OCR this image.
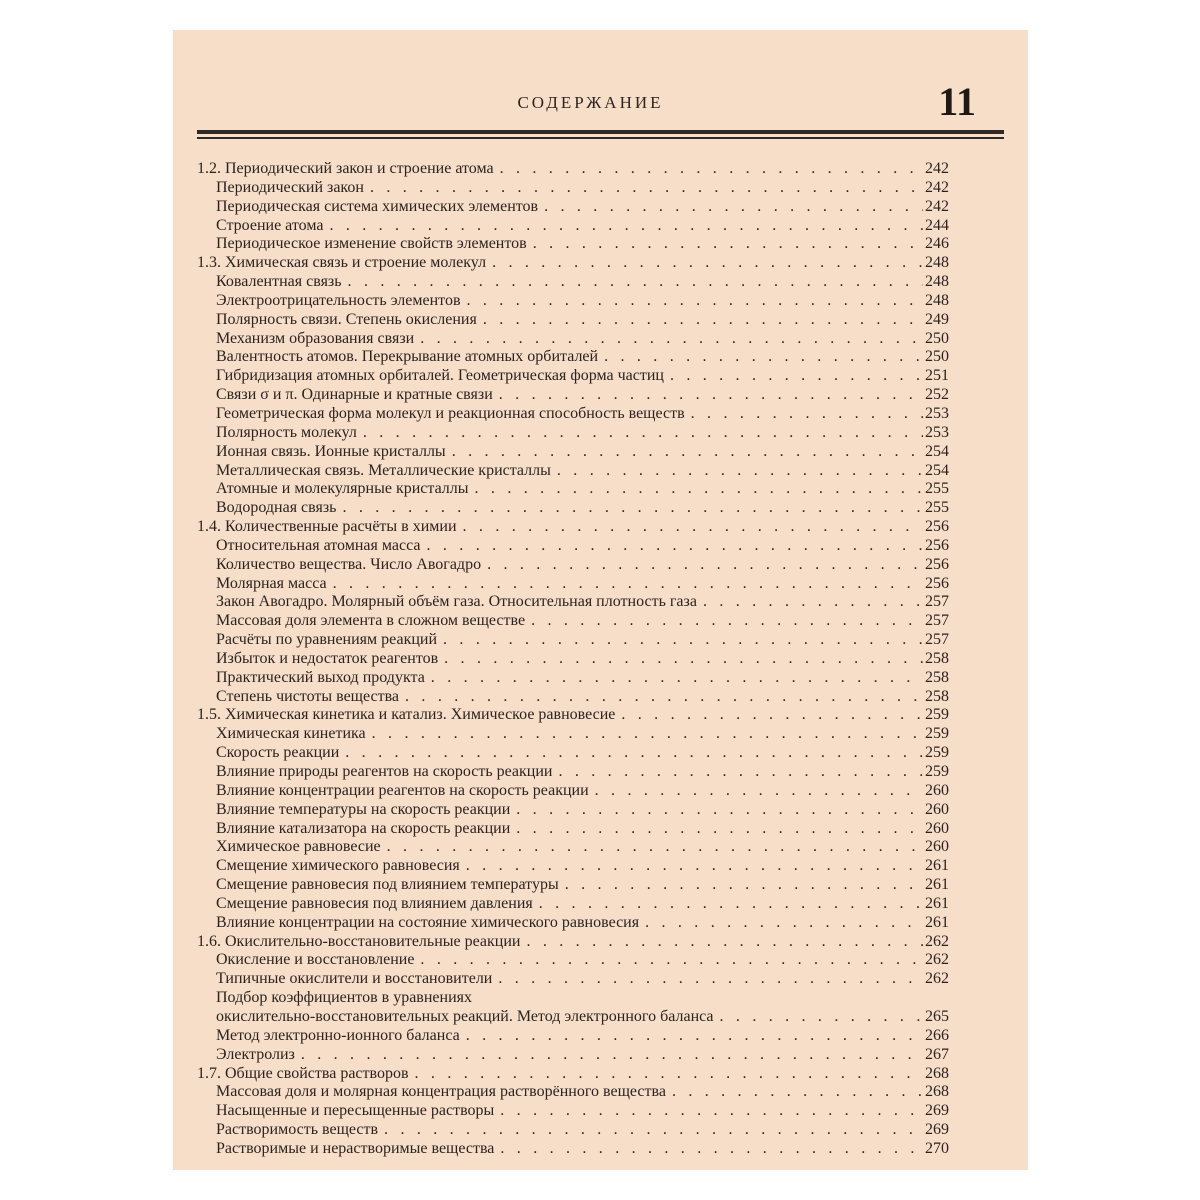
СОДЕРЖАНИЕ	11
1.2. Периодический закон и строение атома . . .	242
Периодический закон . . .	242
Периодическая система химических элементов . . .	242
Строение атома . . .	244
Периодическое изменение свойств элементов . . .	246
1.3. Химическая связь и строение молекул . . .	248
Ковалентная связь . . .	248
Электроотрицательность элементов . . .	248
Полярность связи. Степень окисления . . .	249
Механизм образования связи . . .	250
Валентность атомов. Перекрывание атомных орбиталей . . .	250
Гибридизация атомных орбиталей. Геометрическая форма частиц . . .	251
Связи σ и π. Одинарные и кратные связи . . .	252
Геометрическая форма молекул и реакционная способность веществ . . .	253
Полярность молекул . . .	253
Ионная связь. Ионные кристаллы . . .	254
Металлическая связь. Металлические кристаллы . . .	254
Атомные и молекулярные кристаллы . . .	255
Водородная связь . . .	255
1.4. Количественные расчёты в химии . . .	256
Относительная атомная масса . . .	256
Количество вещества. Число Авогадро . . .	256
Молярная масса . . .	256
Закон Авогадро. Молярный объём газа. Относительная плотность газа . . .	257
Массовая доля элемента в сложном веществе . . .	257
Расчёты по уравнениям реакций . . .	257
Избыток и недостаток реагентов . . .	258
Практический выход продукта . . .	258
Степень чистоты вещества . . .	258
1.5. Химическая кинетика и катализ. Химическое равновесие . . .	259
Химическая кинетика . . .	259
Скорость реакции . . .	259
Влияние природы реагентов на скорость реакции . . .	259
Влияние концентрации реагентов на скорость реакции . . .	260
Влияние температуры на скорость реакции . . .	260
Влияние катализатора на скорость реакции . . .	260
Химическое равновесие . . .	260
Смещение химического равновесия . . .	261
Смещение равновесия под влиянием температуры . . .	261
Смещение равновесия под влиянием давления . . .	261
Влияние концентрации на состояние химического равновесия . . .	261
1.6. Окислительно-восстановительные реакции . . .	262
Окисление и восстановление . . .	262
Типичные окислители и восстановители . . .	262
Подбор коэффициентов в уравнениях
окислительно-восстановительных реакций. Метод электронного баланса . . .	265
Метод электронно-ионного баланса . . .	266
Электролиз . . .	267
1.7. Общие свойства растворов . . .	268
Массовая доля и молярная концентрация растворённого вещества . . .	268
Насыщенные и пересыщенные растворы . . .	269
Растворимость веществ . . .	269
Растворимые и нерастворимые вещества . . .	270
